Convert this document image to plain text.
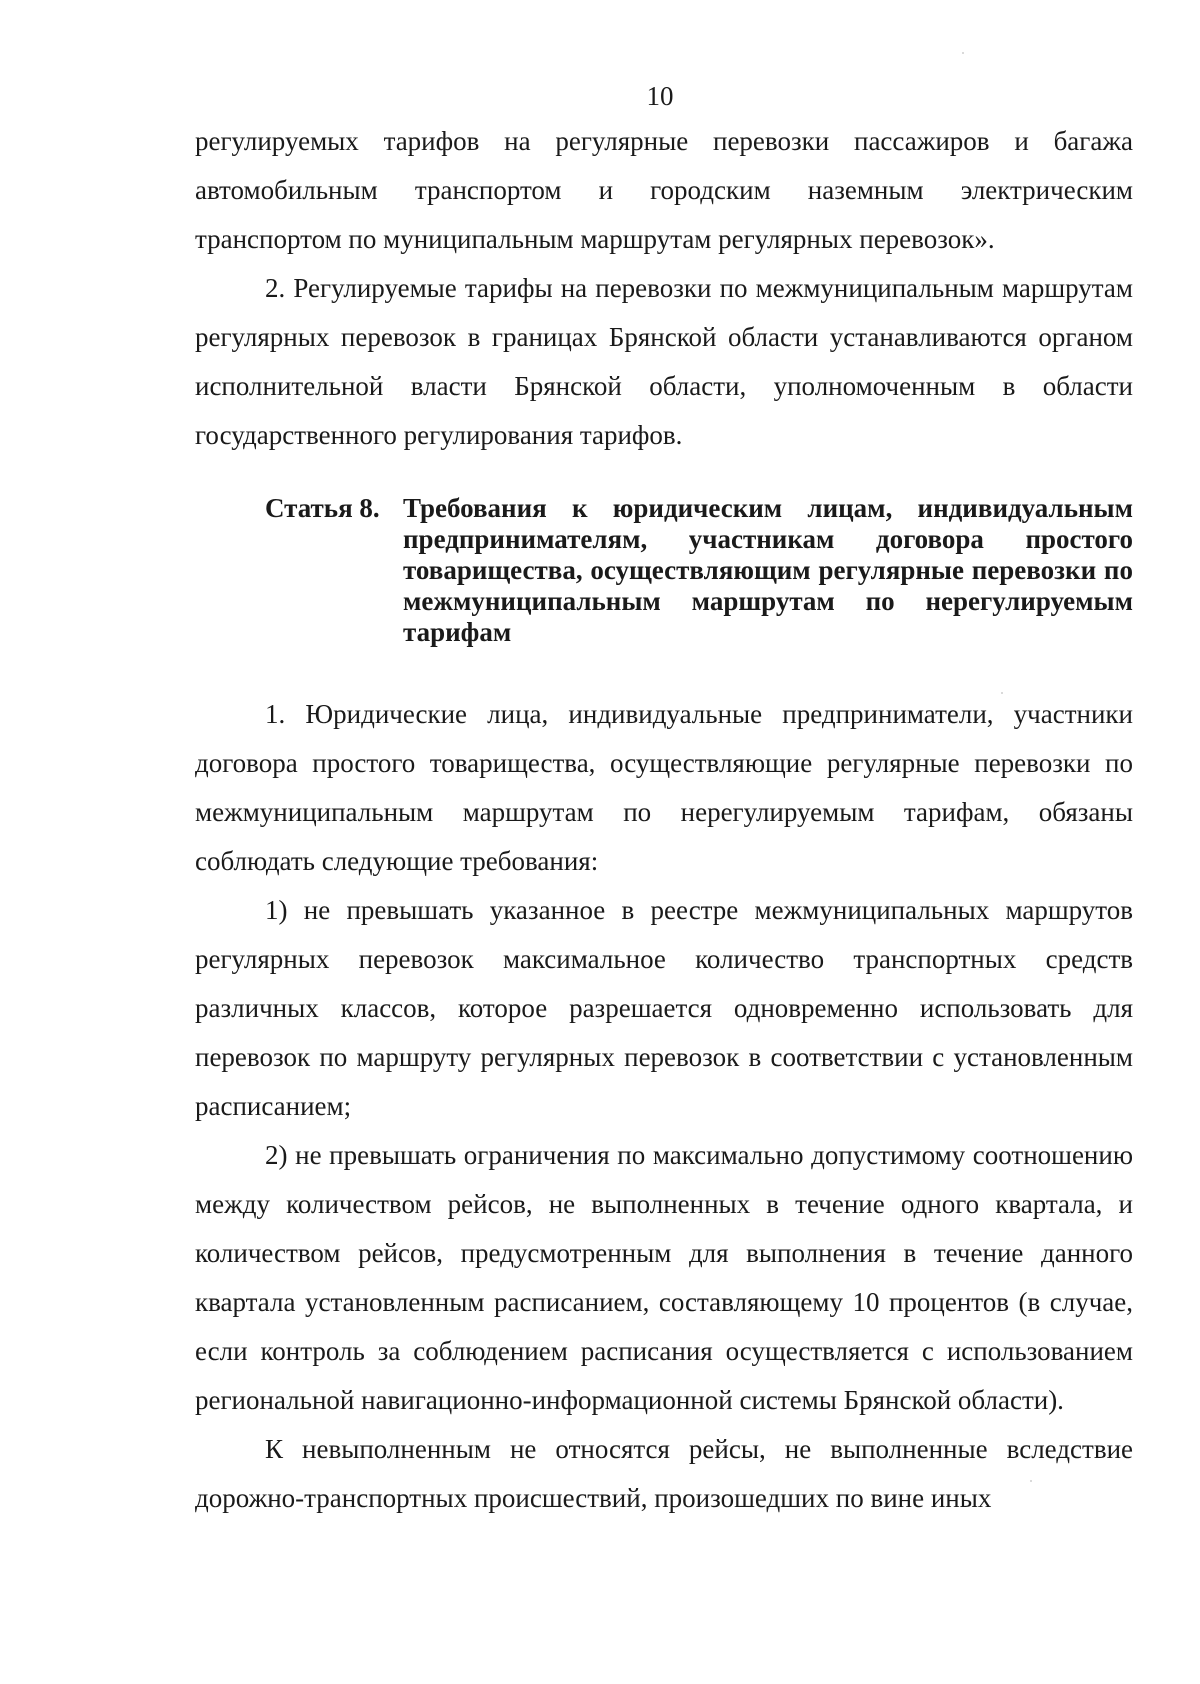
10

регулируемых тарифов на регулярные перевозки пассажиров и багажа автомобильным транспортом и городским наземным электрическим транспортом по муниципальным маршрутам регулярных перевозок».

2. Регулируемые тарифы на перевозки по межмуниципальным маршрутам регулярных перевозок в границах Брянской области устанавливаются органом исполнительной власти Брянской области, уполномоченным в области государственного регулирования тарифов.

Статья 8. Требования к юридическим лицам, индивидуальным предпринимателям, участникам договора простого товарищества, осуществляющим регулярные перевозки по межмуниципальным маршрутам по нерегулируемым тарифам

1. Юридические лица, индивидуальные предприниматели, участники договора простого товарищества, осуществляющие регулярные перевозки по межмуниципальным маршрутам по нерегулируемым тарифам, обязаны соблюдать следующие требования:

1) не превышать указанное в реестре межмуниципальных маршрутов регулярных перевозок максимальное количество транспортных средств различных классов, которое разрешается одновременно использовать для перевозок по маршруту регулярных перевозок в соответствии с установленным расписанием;

2) не превышать ограничения по максимально допустимому соотношению между количеством рейсов, не выполненных в течение одного квартала, и количеством рейсов, предусмотренным для выполнения в течение данного квартала установленным расписанием, составляющему 10 процентов (в случае, если контроль за соблюдением расписания осуществляется с использованием региональной навигационно-информационной системы Брянской области).

К невыполненным не относятся рейсы, не выполненные вследствие дорожно-транспортных происшествий, произошедших по вине иных
